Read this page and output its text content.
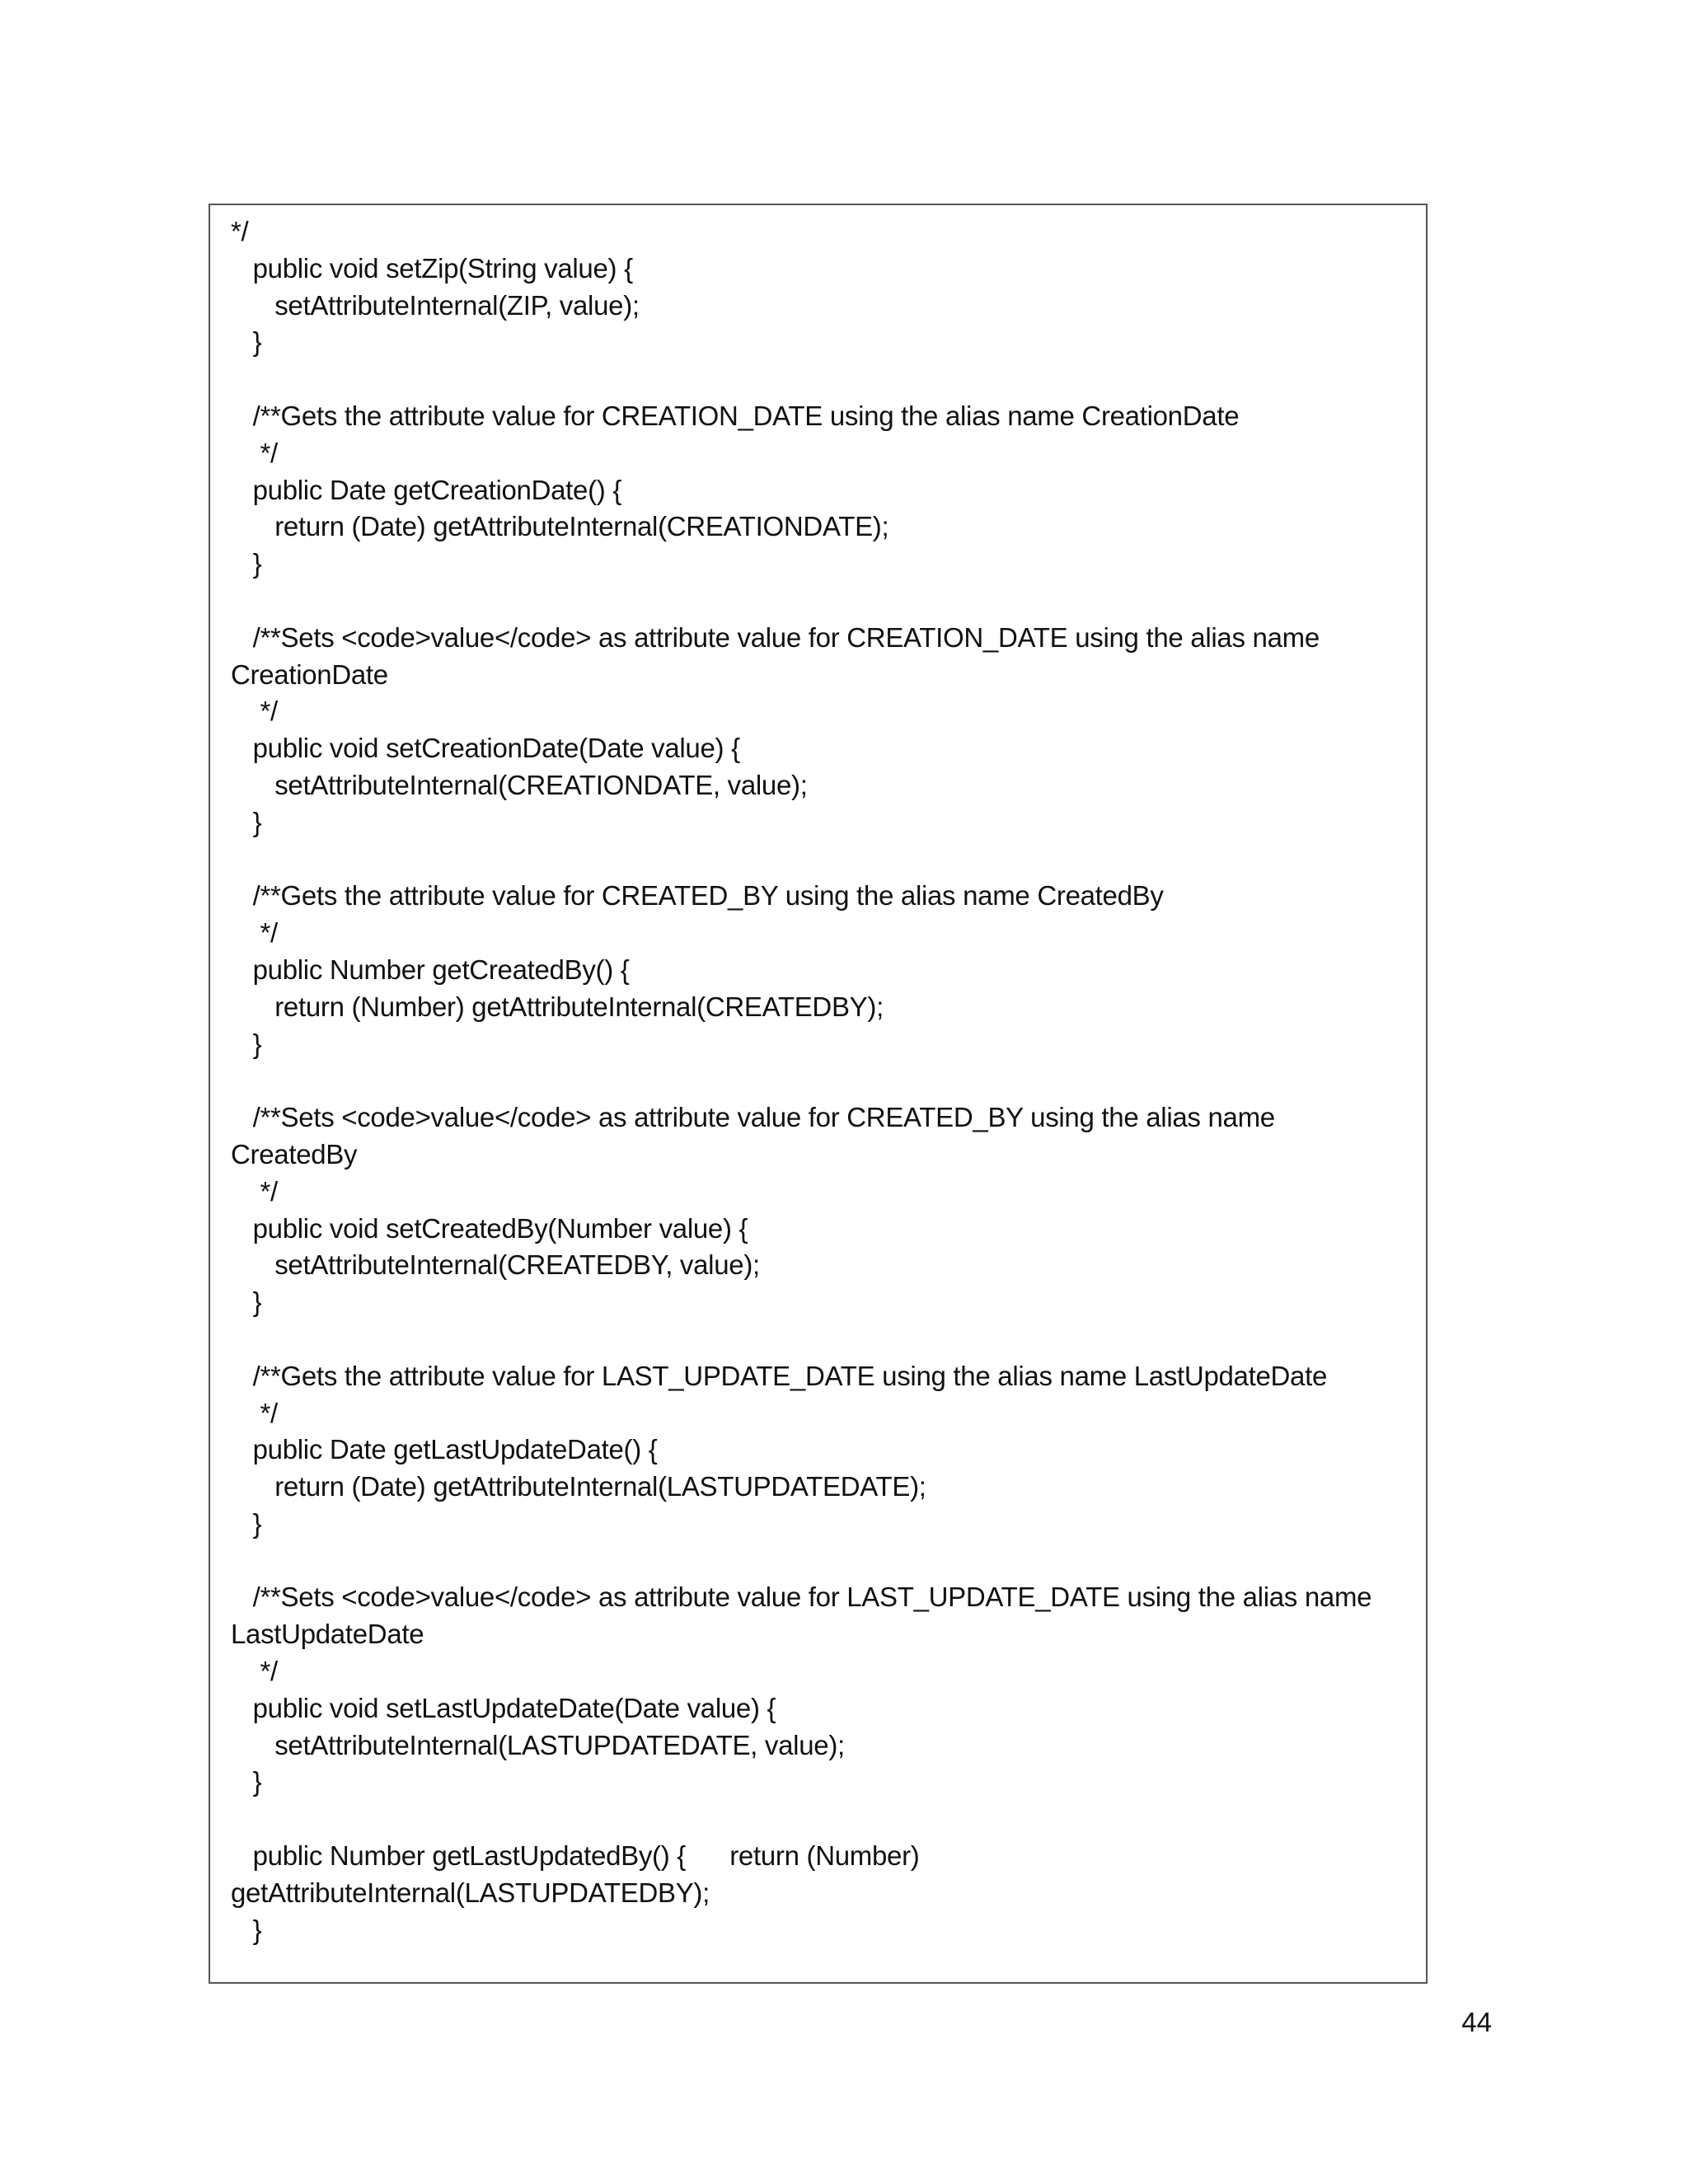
*/
public void setZip(String value) {
setAttributeInternal(ZIP, value);
}
/**Gets the attribute value for CREATION_DATE using the alias name CreationDate
*/
public Date getCreationDate() {
return (Date) getAttributeInternal(CREATIONDATE);
}
/**Sets <code>value</code> as attribute value for CREATION_DATE using the alias name
CreationDate
*/
public void setCreationDate(Date value) {
setAttributeInternal(CREATIONDATE, value);
}
/**Gets the attribute value for CREATED_BY using the alias name CreatedBy
*/
public Number getCreatedBy() {
return (Number) getAttributeInternal(CREATEDBY);
}
/**Sets <code>value</code> as attribute value for CREATED_BY using the alias name
CreatedBy
*/
public void setCreatedBy(Number value) {
setAttributeInternal(CREATEDBY, value);
}
/**Gets the attribute value for LAST_UPDATE_DATE using the alias name LastUpdateDate
*/
public Date getLastUpdateDate() {
return (Date) getAttributeInternal(LASTUPDATEDATE);
}
/**Sets <code>value</code> as attribute value for LAST_UPDATE_DATE using the alias name
LastUpdateDate
*/
public void setLastUpdateDate(Date value) {
setAttributeInternal(LASTUPDATEDATE, value);
}
public Number getLastUpdatedBy() {      return (Number)
getAttributeInternal(LASTUPDATEDBY);
}
44
